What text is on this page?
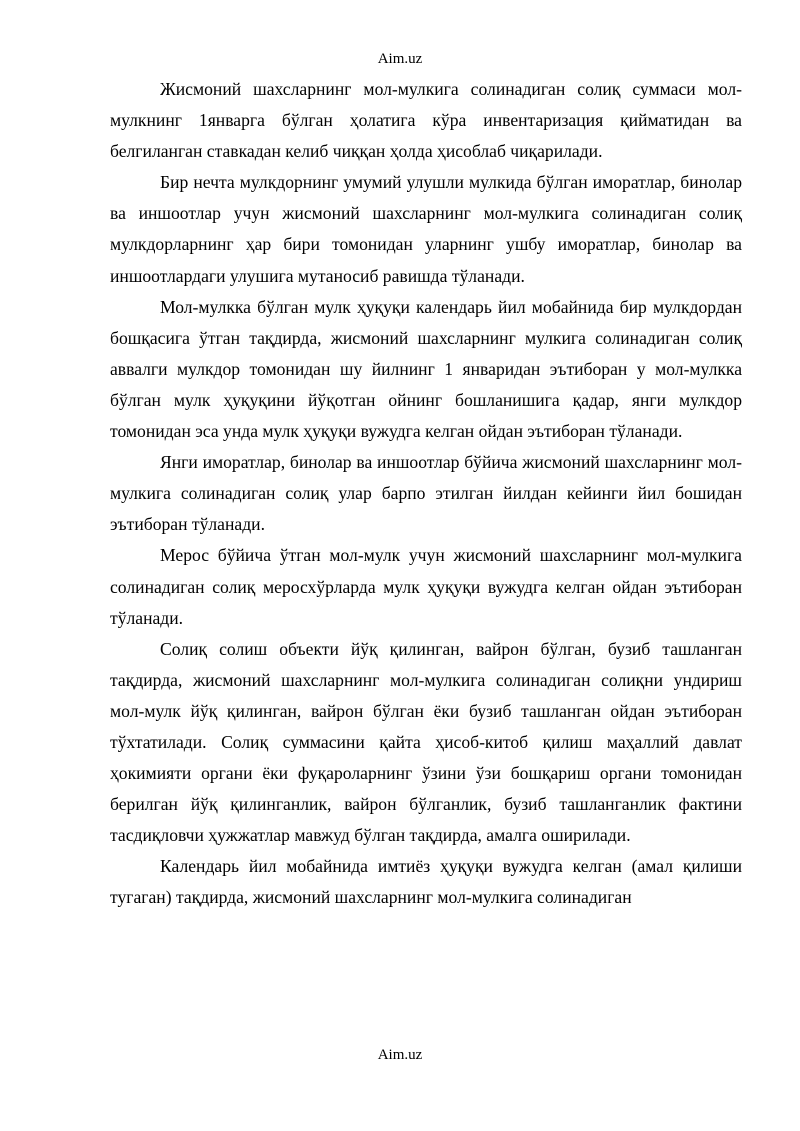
Aim.uz

Жисмоний шахсларнинг мол-мулкига солинадиган солиқ суммаси мол-мулкнинг 1январга бўлган ҳолатига кўра инвентаризация қийматидан ва белгиланган ставкадан келиб чиққан ҳолда ҳисоблаб чиқарилади.

Бир нечта мулкдорнинг умумий улушли мулкида бўлган иморатлар, бинолар ва иншоотлар учун жисмоний шахсларнинг мол-мулкига солинадиган солиқ мулкдорларнинг ҳар бири томонидан уларнинг ушбу иморатлар, бинолар ва иншоотлардаги улушига мутаносиб равишда тўланади.

Мол-мулкка бўлган мулк ҳуқуқи календарь йил мобайнида бир мулкдордан бошқасига ўтган тақдирда, жисмоний шахсларнинг мулкига солинадиган солиқ аввалги мулкдор томонидан шу йилнинг 1 январидан эътиборан у мол-мулкка бўлган мулк ҳуқуқини йўқотган ойнинг бошланишига қадар, янги мулкдор томонидан эса унда мулк ҳуқуқи вужудга келган ойдан эътиборан тўланади.

Янги иморатлар, бинолар ва иншоотлар бўйича жисмоний шахсларнинг мол-мулкига солинадиган солиқ улар барпо этилган йилдан кейинги йил бошидан эътиборан тўланади.

Мерос бўйича ўтган мол-мулк учун жисмоний шахсларнинг мол-мулкига солинадиган солиқ меросхўрларда мулк ҳуқуқи вужудга келган ойдан эътиборан тўланади.

Солиқ солиш объекти йўқ қилинган, вайрон бўлган, бузиб ташланган тақдирда, жисмоний шахсларнинг мол-мулкига солинадиган солиқни ундириш мол-мулк йўқ қилинган, вайрон бўлган ёки бузиб ташланган ойдан эътиборан тўхтатилади. Солиқ суммасини қайта ҳисоб-китоб қилиш маҳаллий давлат ҳокимияти органи ёки фуқароларнинг ўзини ўзи бошқариш органи томонидан берилган йўқ қилинганлик, вайрон бўлганлик, бузиб ташланганлик фактини тасдиқловчи ҳужжатлар мавжуд бўлган тақдирда, амалга оширилади.

Календарь йил мобайнида имтиёз ҳуқуқи вужудга келган (амал қилиши тугаган) тақдирда, жисмоний шахсларнинг мол-мулкига солинадиган

Aim.uz
